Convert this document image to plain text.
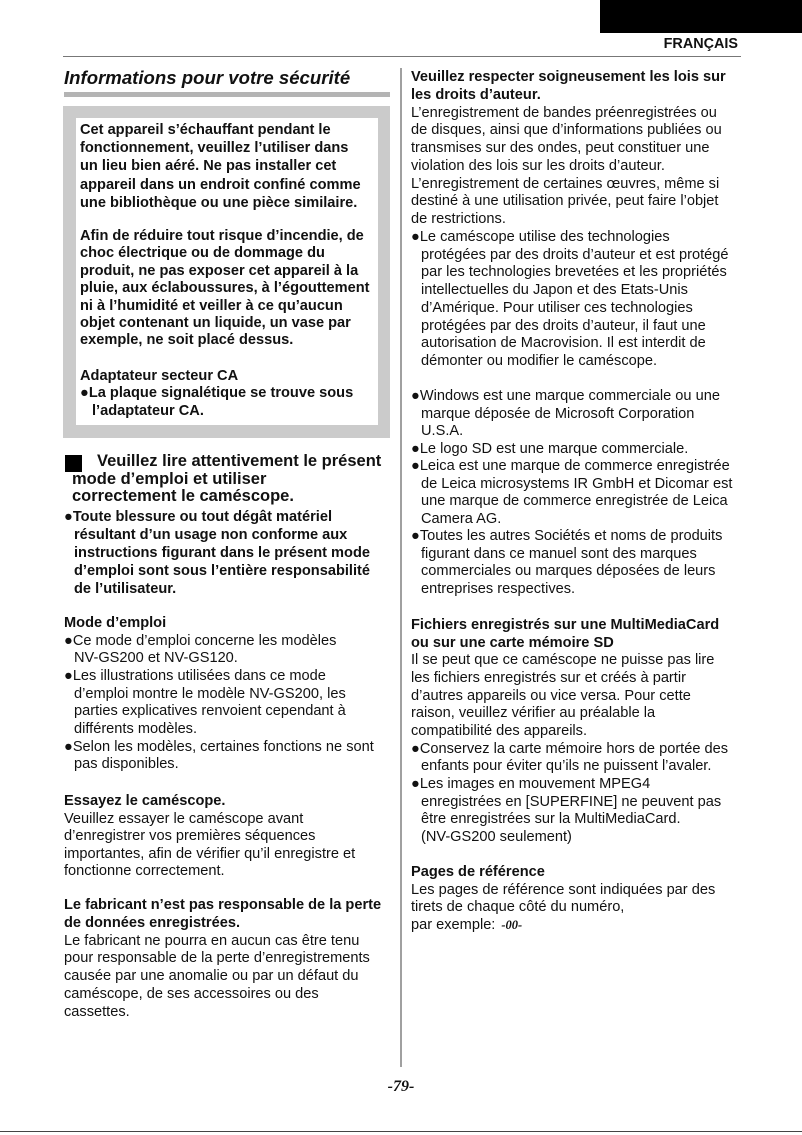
FRANÇAIS

Informations pour votre sécurité

Cet appareil s’échauffant pendant le
fonctionnement, veuillez l’utiliser dans
un lieu bien aéré. Ne pas installer cet
appareil dans un endroit confiné comme
une bibliothèque ou une pièce similaire.

Afin de réduire tout risque d’incendie, de
choc électrique ou de dommage du
produit, ne pas exposer cet appareil à la
pluie, aux éclaboussures, à l’égouttement
ni à l’humidité et veiller à ce qu’aucun
objet contenant un liquide, un vase par
exemple, ne soit placé dessus.

Adaptateur secteur CA

●La plaque signalétique se trouve sous
l’adaptateur CA.

Veuillez lire attentivement le présent
mode d’emploi et utiliser
correctement le caméscope.

●Toute blessure ou tout dégât matériel
résultant d’un usage non conforme aux
instructions figurant dans le présent mode
d’emploi sont sous l’entière responsabilité
de l’utilisateur.

Mode d’emploi

●Ce mode d’emploi concerne les modèles
NV-GS200 et NV-GS120.

●Les illustrations utilisées dans ce mode
d’emploi montre le modèle NV-GS200, les
parties explicatives renvoient cependant à
différents modèles.

●Selon les modèles, certaines fonctions ne sont
pas disponibles.

Essayez le caméscope.

Veuillez essayer le caméscope avant
d’enregistrer vos premières séquences
importantes, afin de vérifier qu’il enregistre et
fonctionne correctement.

Le fabricant n’est pas responsable de la perte
de données enregistrées.

Le fabricant ne pourra en aucun cas être tenu
pour responsable de la perte d’enregistrements
causée par une anomalie ou par un défaut du
caméscope, de ses accessoires ou des
cassettes.

Veuillez respecter soigneusement les lois sur
les droits d’auteur.

L’enregistrement de bandes préenregistrées ou
de disques, ainsi que d’informations publiées ou
transmises sur des ondes, peut constituer une
violation des lois sur les droits d’auteur.

L’enregistrement de certaines œuvres, même si
destiné à une utilisation privée, peut faire l’objet
de restrictions.

●Le caméscope utilise des technologies
protégées par des droits d’auteur et est protégé
par les technologies brevetées et les propriétés
intellectuelles du Japon et des Etats-Unis
d’Amérique. Pour utiliser ces technologies
protégées par des droits d’auteur, il faut une
autorisation de Macrovision. Il est interdit de
démonter ou modifier le caméscope.

●Windows est une marque commerciale ou une
marque déposée de Microsoft Corporation
U.S.A.

●Le logo SD est une marque commerciale.

●Leica est une marque de commerce enregistrée
de Leica microsystems IR GmbH et Dicomar est
une marque de commerce enregistrée de Leica
Camera AG.

●Toutes les autres Sociétés et noms de produits
figurant dans ce manuel sont des marques
commerciales ou marques déposées de leurs
entreprises respectives.

Fichiers enregistrés sur une MultiMediaCard
ou sur une carte mémoire SD

Il se peut que ce caméscope ne puisse pas lire
les fichiers enregistrés sur et créés à partir
d’autres appareils ou vice versa. Pour cette
raison, veuillez vérifier au préalable la
compatibilité des appareils.

●Conservez la carte mémoire hors de portée des
enfants pour éviter qu’ils ne puissent l’avaler.

●Les images en mouvement MPEG4
enregistrées en [SUPERFINE] ne peuvent pas
être enregistrées sur la MultiMediaCard.
(NV-GS200 seulement)

Pages de référence

Les pages de référence sont indiquées par des
tirets de chaque côté du numéro,
par exemple: -00-

-79-
